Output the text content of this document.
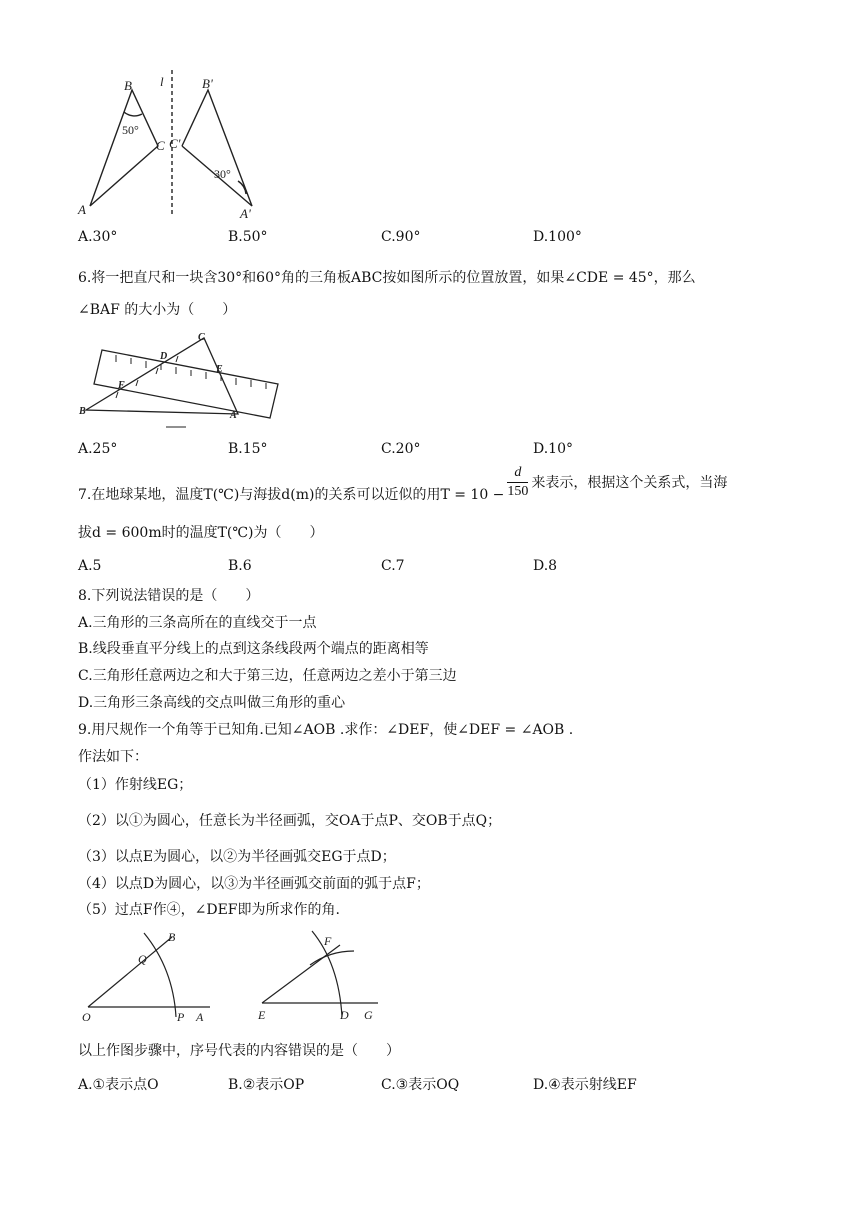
B l	B'
50°
C C'
30°
A	A'
A.30°	B.50°	C.90°	D.100°
6.将一把直尺和一块含30°和60°角的三角板ABC按如图所示的位置放置，如果∠CDE = 45°，那么
∠BAF 的大小为（　　）
C
D
E
F
B	A
A.25°	B.15°	C.20°	D.10°
7.在地球某地，温度T(℃)与海拔d(m)的关系可以近似的用$T = 10 - \frac{d}{150}$ 来表示，根据这个关系式，当海
拔d = 600m时的温度T(℃)为（　　）
A.5	B.6	C.7	D.8
8.下列说法错误的是（　　）
A.三角形的三条高所在的直线交于一点
B.线段垂直平分线上的点到这条线段两个端点的距离相等
C.三角形任意两边之和大于第三边，任意两边之差小于第三边
D.三角形三条高线的交点叫做三角形的重心
9.用尺规作一个角等于已知角.已知∠AOB .求作：∠DEF，使∠DEF = ∠AOB .
作法如下：
（1）作射线EG；
（2）以①为圆心，任意长为半径画弧，交OA于点P、交OB于点Q；
（3）以点E为圆心，以②为半径画弧交EG于点D；
（4）以点D为圆心，以③为半径画弧交前面的弧于点F；
（5）过点F作④，∠DEF即为所求作的角.
B
Q
O	P A
F
E	D G
以上作图步骤中，序号代表的内容错误的是（　　）
A.①表示点O	B.②表示OP	C.③表示OQ	D.④表示射线EF
